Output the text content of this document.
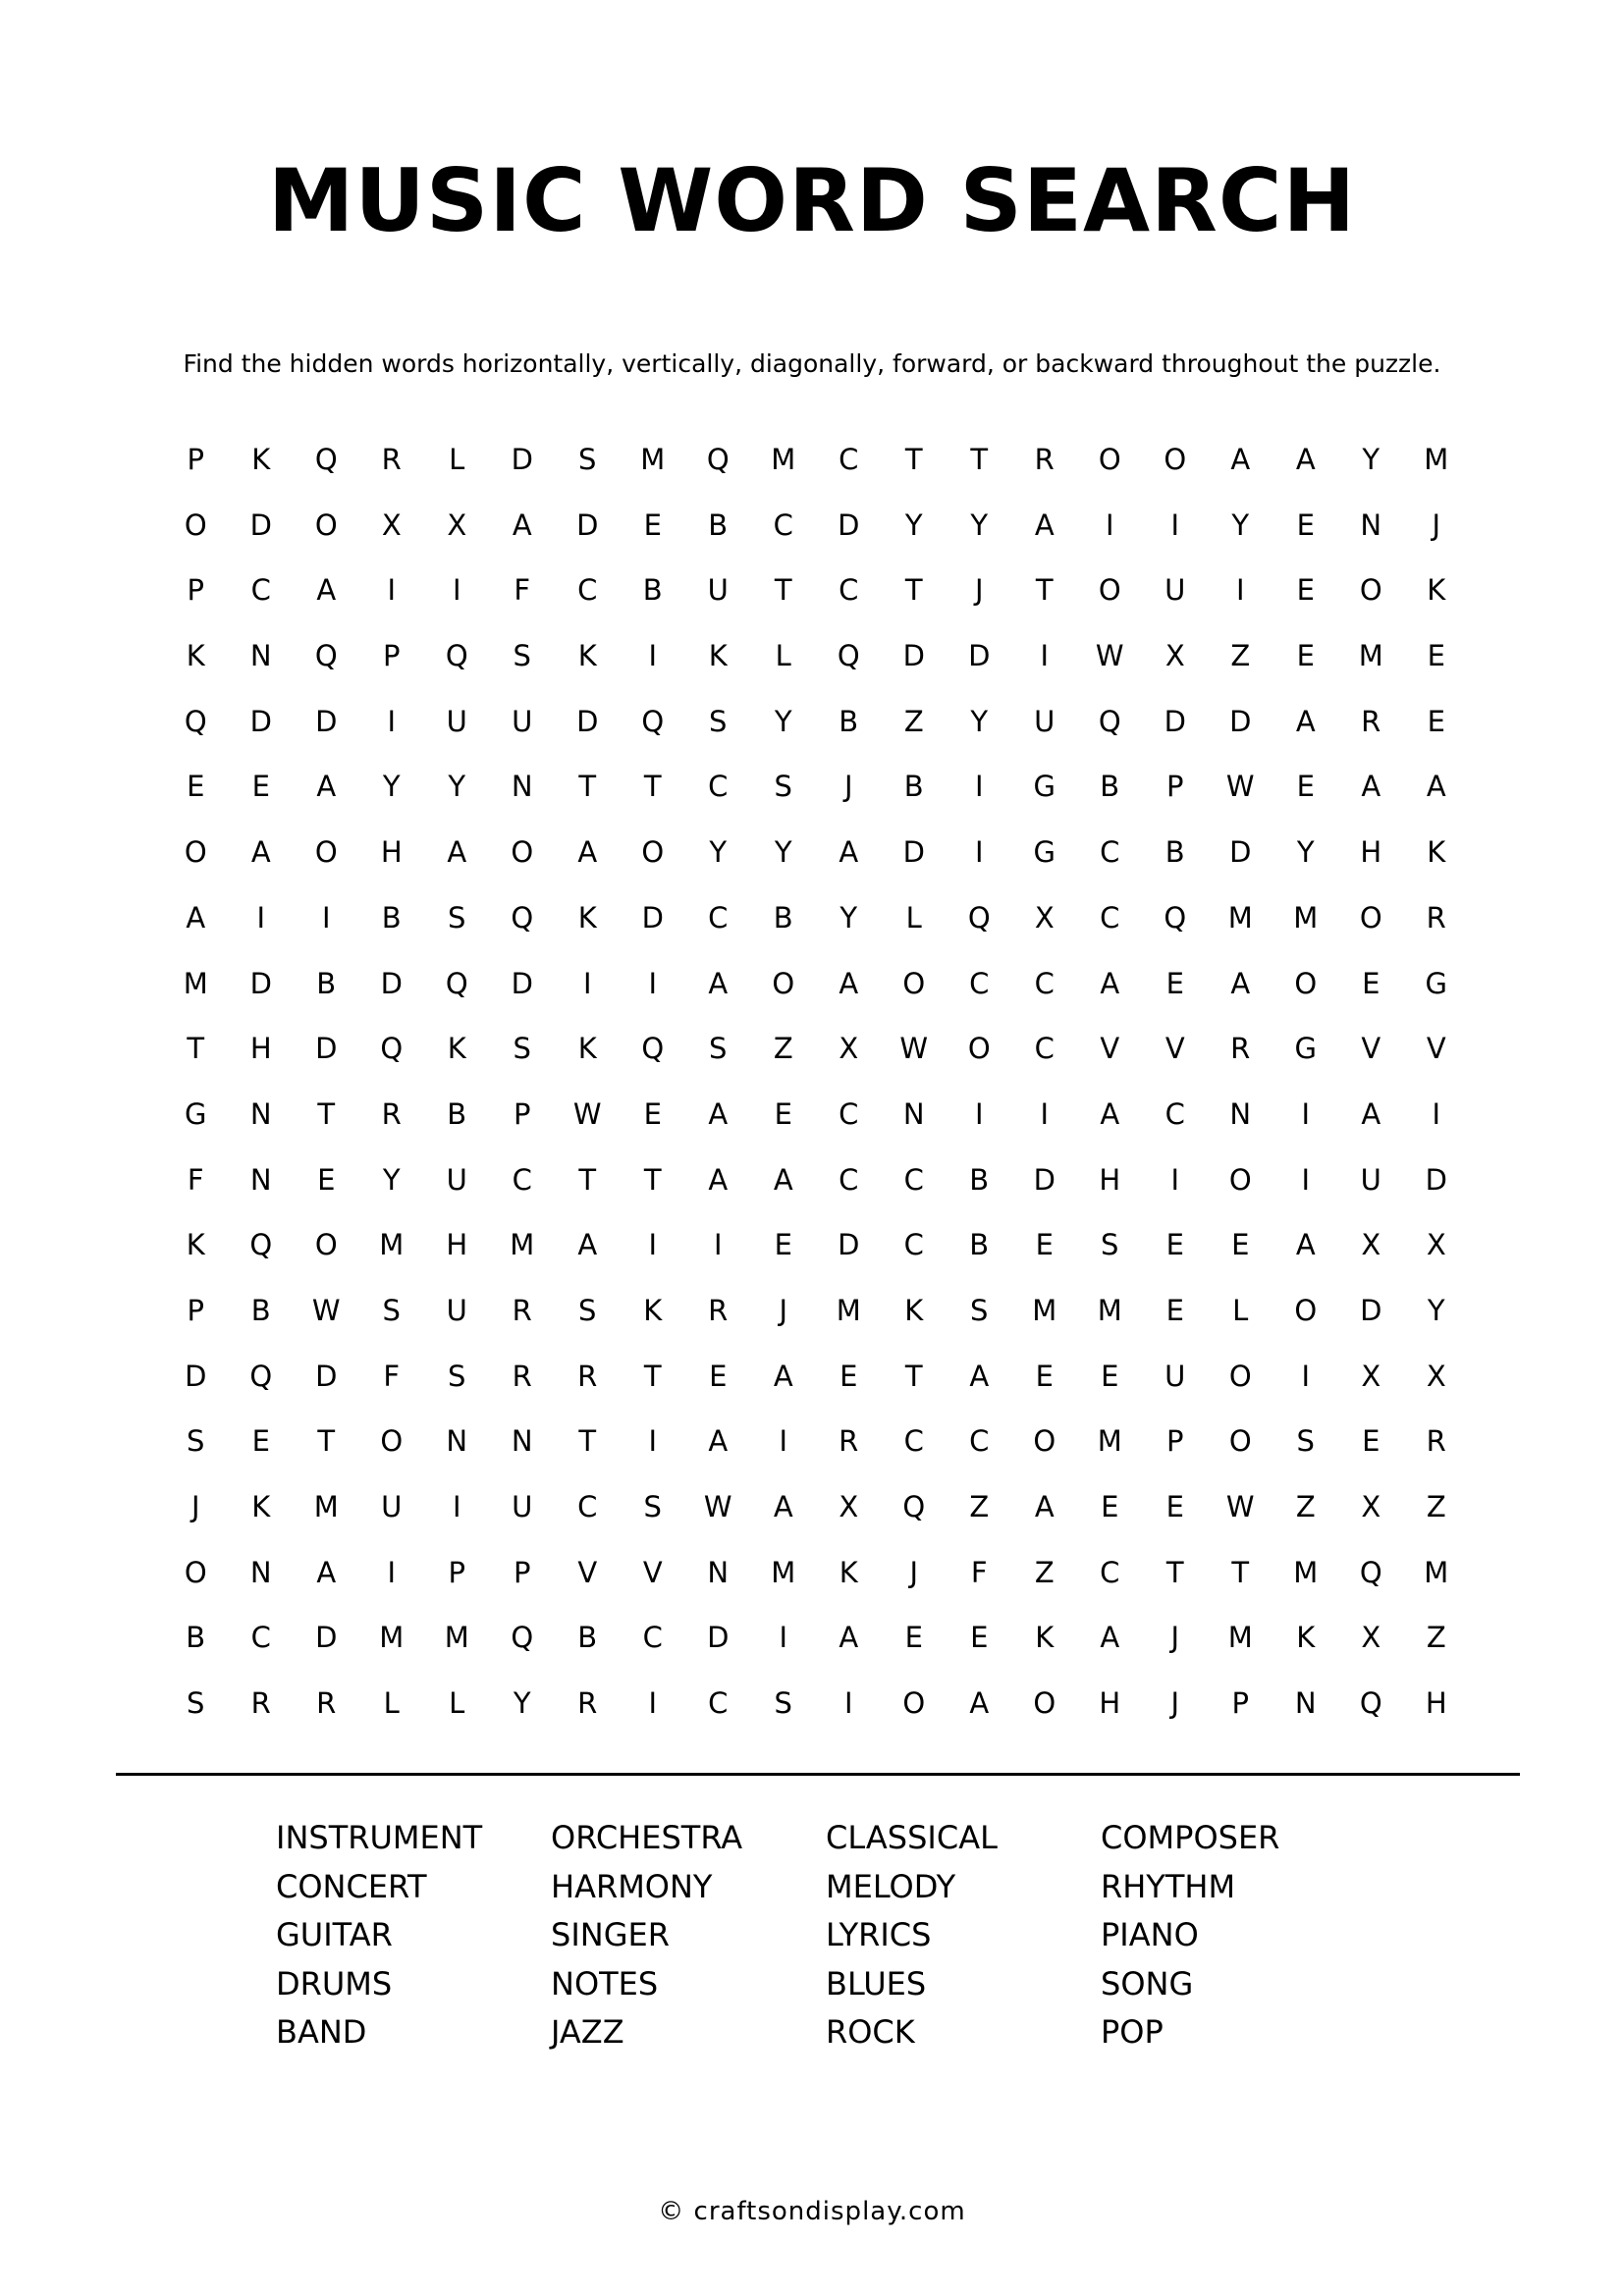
MUSIC WORD SEARCH

Find the hidden words horizontally, vertically, diagonally, forward, or backward throughout the puzzle.

P	K	Q	R	L	D	S	M	Q	M	C	T	T	R	O	O	A	A	Y	M
O	D	O	X	X	A	D	E	B	C	D	Y	Y	A	I	I	Y	E	N	J
P	C	A	I	I	F	C	B	U	T	C	T	J	T	O	U	I	E	O	K
K	N	Q	P	Q	S	K	I	K	L	Q	D	D	I	W	X	Z	E	M	E
Q	D	D	I	U	U	D	Q	S	Y	B	Z	Y	U	Q	D	D	A	R	E
E	E	A	Y	Y	N	T	T	C	S	J	B	I	G	B	P	W	E	A	A
O	A	O	H	A	O	A	O	Y	Y	A	D	I	G	C	B	D	Y	H	K
A	I	I	B	S	Q	K	D	C	B	Y	L	Q	X	C	Q	M	M	O	R
M	D	B	D	Q	D	I	I	A	O	A	O	C	C	A	E	A	O	E	G
T	H	D	Q	K	S	K	Q	S	Z	X	W	O	C	V	V	R	G	V	V
G	N	T	R	B	P	W	E	A	E	C	N	I	I	A	C	N	I	A	I
F	N	E	Y	U	C	T	T	A	A	C	C	B	D	H	I	O	I	U	D
K	Q	O	M	H	M	A	I	I	E	D	C	B	E	S	E	E	A	X	X
P	B	W	S	U	R	S	K	R	J	M	K	S	M	M	E	L	O	D	Y
D	Q	D	F	S	R	R	T	E	A	E	T	A	E	E	U	O	I	X	X
S	E	T	O	N	N	T	I	A	I	R	C	C	O	M	P	O	S	E	R
J	K	M	U	I	U	C	S	W	A	X	Q	Z	A	E	E	W	Z	X	Z
O	N	A	I	P	P	V	V	N	M	K	J	F	Z	C	T	T	M	Q	M
B	C	D	M	M	Q	B	C	D	I	A	E	E	K	A	J	M	K	X	Z
S	R	R	L	L	Y	R	I	C	S	I	O	A	O	H	J	P	N	Q	H
INSTRUMENT	ORCHESTRA	CLASSICAL	COMPOSER
CONCERT	HARMONY	MELODY	RHYTHM
GUITAR	SINGER	LYRICS	PIANO
DRUMS	NOTES	BLUES	SONG
BAND	JAZZ	ROCK	POP
© craftsondisplay.com
